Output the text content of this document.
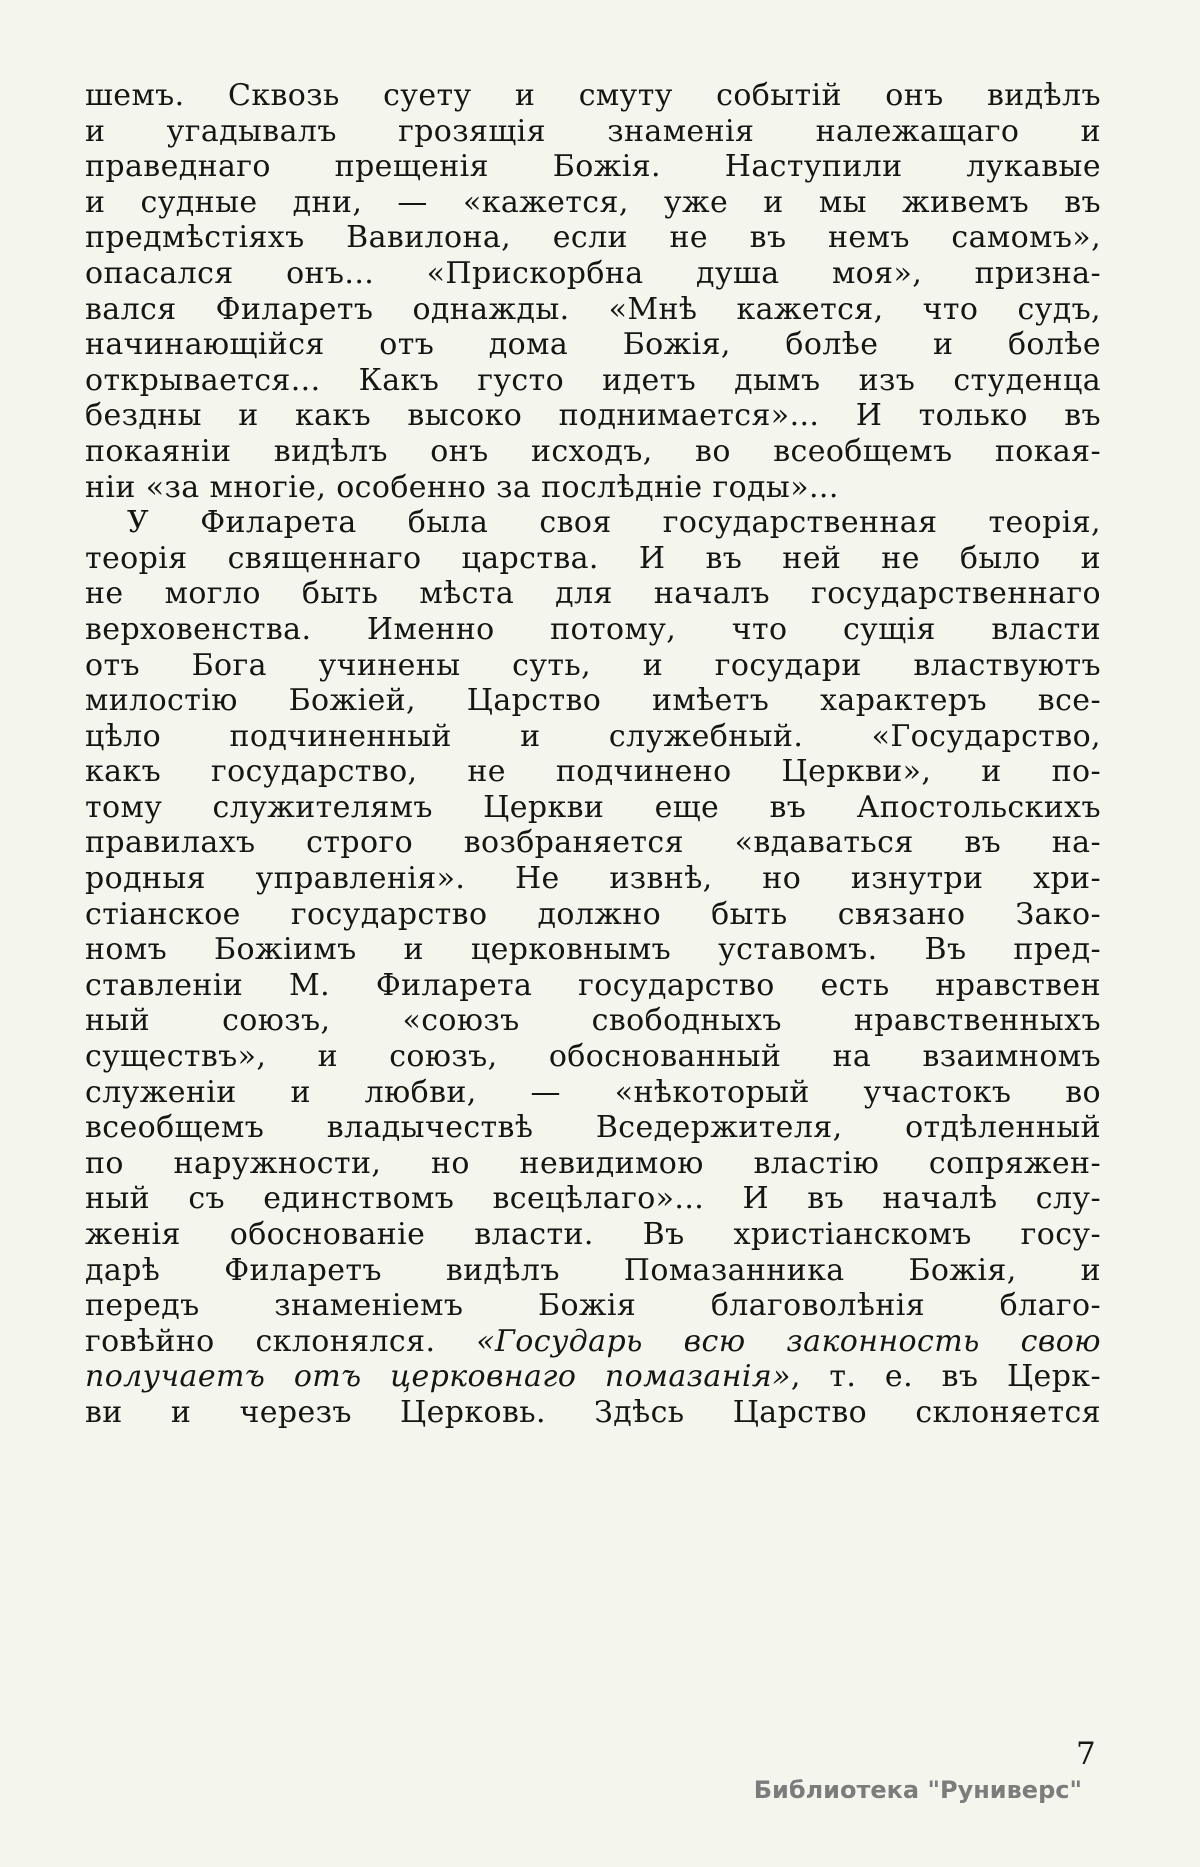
шемъ. Сквозь суету и смуту событій онъ видѣлъ
и угадывалъ грозящія знаменія належащаго и
праведнаго прещенія Божія. Наступили лукавые
и судные дни, — «кажется, уже и мы живемъ въ
предмѣстіяхъ Вавилона, если не въ немъ самомъ»,
опасался онъ... «Прискорбна душа моя», призна-
вался Филаретъ однажды. «Мнѣ кажется, что судъ,
начинающійся отъ дома Божія, болѣе и болѣе
открывается... Какъ густо идетъ дымъ изъ студенца
бездны и какъ высоко поднимается»... И только въ
покаяніи видѣлъ онъ исходъ, во всеобщемъ покая-
ніи «за многіе, особенно за послѣдніе годы»...
У Филарета была своя государственная теорія,
теорія священнаго царства. И въ ней не было и
не могло быть мѣста для началъ государственнаго
верховенства. Именно потому, что сущія власти
отъ Бога учинены суть, и государи властвуютъ
милостію Божіей, Царство имѣетъ характеръ все-
цѣло подчиненный и служебный. «Государство,
какъ государство, не подчинено Церкви», и по-
тому служителямъ Церкви еще въ Апостольскихъ
правилахъ строго возбраняется «вдаваться въ на-
родныя управленія». Не извнѣ, но изнутри хри-
стіанское государство должно быть связано Зако-
номъ Божіимъ и церковнымъ уставомъ. Въ пред-
ставленіи М. Филарета государство есть нравствен
ный союзъ, «союзъ свободныхъ нравственныхъ
существъ», и союзъ, обоснованный на взаимномъ
служеніи и любви, — «нѣкоторый участокъ во
всеобщемъ владычествѣ Вседержителя, отдѣленный
по наружности, но невидимою властію сопряжен-
ный съ единствомъ всецѣлаго»... И въ началѣ слу-
женія обоснованіе власти. Въ христіанскомъ госу-
дарѣ Филаретъ видѣлъ Помазанника Божія, и
передъ знаменіемъ Божія благоволѣнія благо-
говѣйно склонялся. «Государь всю законность свою
получаетъ отъ церковнаго помазанія», т. е. въ Церк-
ви и черезъ Церковь. Здѣсь Царство склоняется
7
Библиотека "Руниверс"
